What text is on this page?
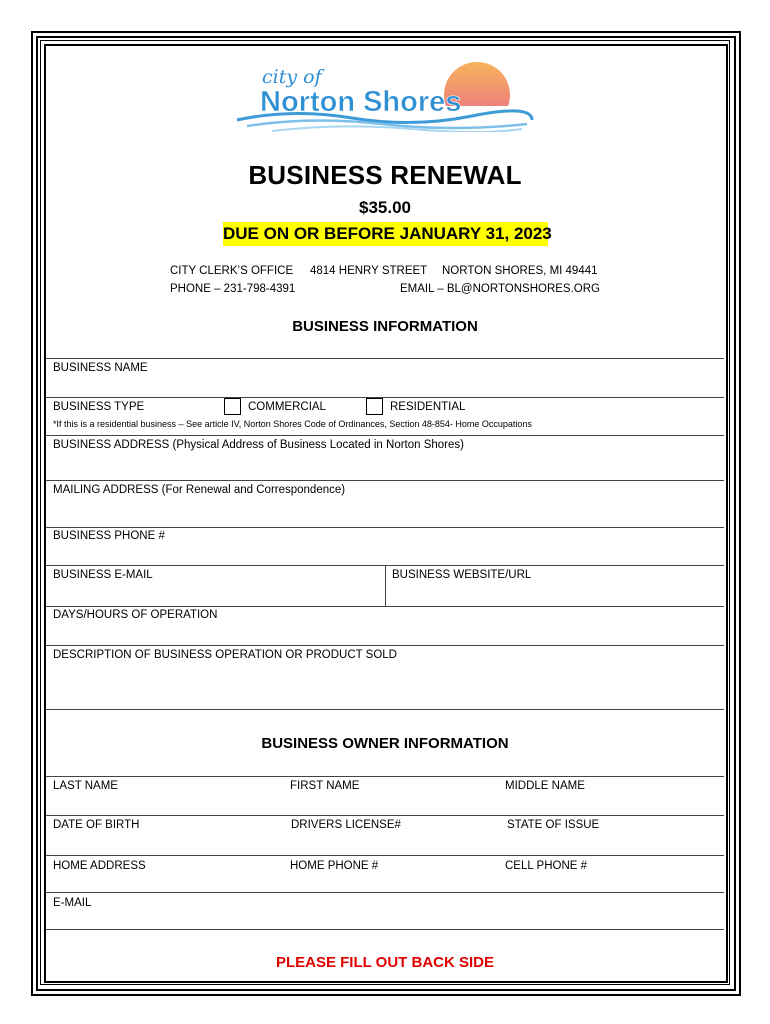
city of
Norton Shores
BUSINESS RENEWAL
$35.00
DUE ON OR BEFORE JANUARY 31, 2023
CITY CLERK’S OFFICE 4814 HENRY STREET NORTON SHORES, MI 49441
PHONE – 231-798-4391	EMAIL – BL@NORTONSHORES.ORG
BUSINESS INFORMATION
BUSINESS NAME
BUSINESS TYPE	COMMERCIAL	RESIDENTIAL
*If this is a residential business – See article IV, Norton Shores Code of Ordinances, Section 48-854- Home Occupations
BUSINESS ADDRESS (Physical Address of Business Located in Norton Shores)
MAILING ADDRESS (For Renewal and Correspondence)
BUSINESS PHONE #
BUSINESS E-MAIL	BUSINESS WEBSITE/URL
DAYS/HOURS OF OPERATION
DESCRIPTION OF BUSINESS OPERATION OR PRODUCT SOLD
BUSINESS OWNER INFORMATION
LAST NAME	FIRST NAME	MIDDLE NAME
DATE OF BIRTH	DRIVERS LICENSE#	STATE OF ISSUE
HOME ADDRESS	HOME PHONE #	CELL PHONE #
E-MAIL
PLEASE FILL OUT BACK SIDE
